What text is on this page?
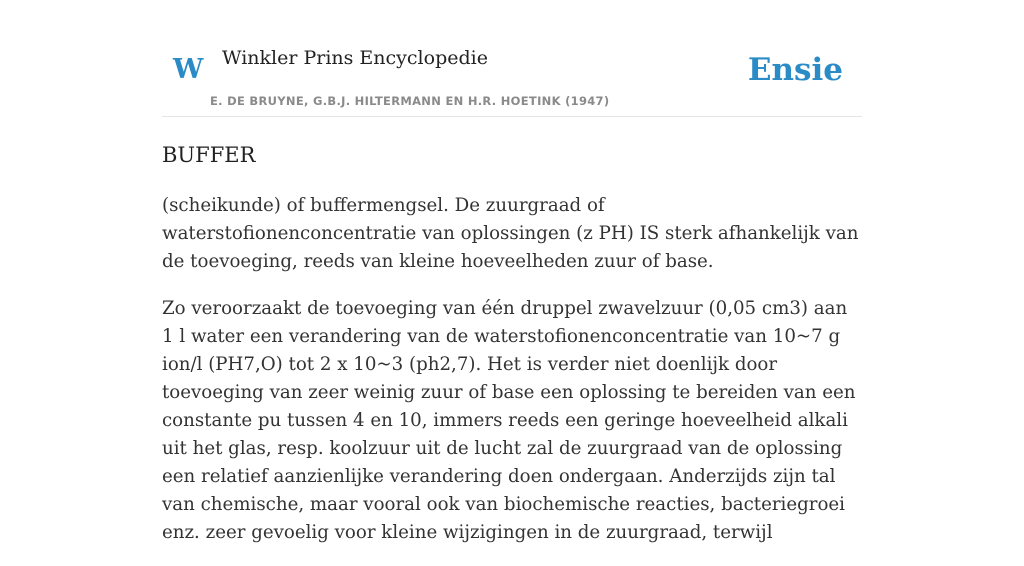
W Winkler Prins Encyclopedie
E. DE BRUYNE, G.B.J. HILTERMANN EN H.R. HOETINK (1947)
Ensie
BUFFER

(scheikunde) of buffermengsel. De zuurgraad of waterstofionenconcentratie van oplossingen (z PH) IS sterk afhankelijk van de toevoeging, reeds van kleine hoeveelheden zuur of base.

Zo veroorzaakt de toevoeging van één druppel zwavelzuur (0,05 cm3) aan 1 l water een verandering van de waterstofionenconcentratie van 10~7 g ion/l (PH7,O) tot 2 x 10~3 (ph2,7). Het is verder niet doenlijk door toevoeging van zeer weinig zuur of base een oplossing te bereiden van een constante pu tussen 4 en 10, immers reeds een geringe hoeveelheid alkali uit het glas, resp. koolzuur uit de lucht zal de zuurgraad van de oplossing een relatief aanzienlijke verandering doen ondergaan. Anderzijds zijn tal van chemische, maar vooral ook van biochemische reacties, bacteriegroei enz. zeer gevoelig voor kleine wijzigingen in de zuurgraad, terwijl
